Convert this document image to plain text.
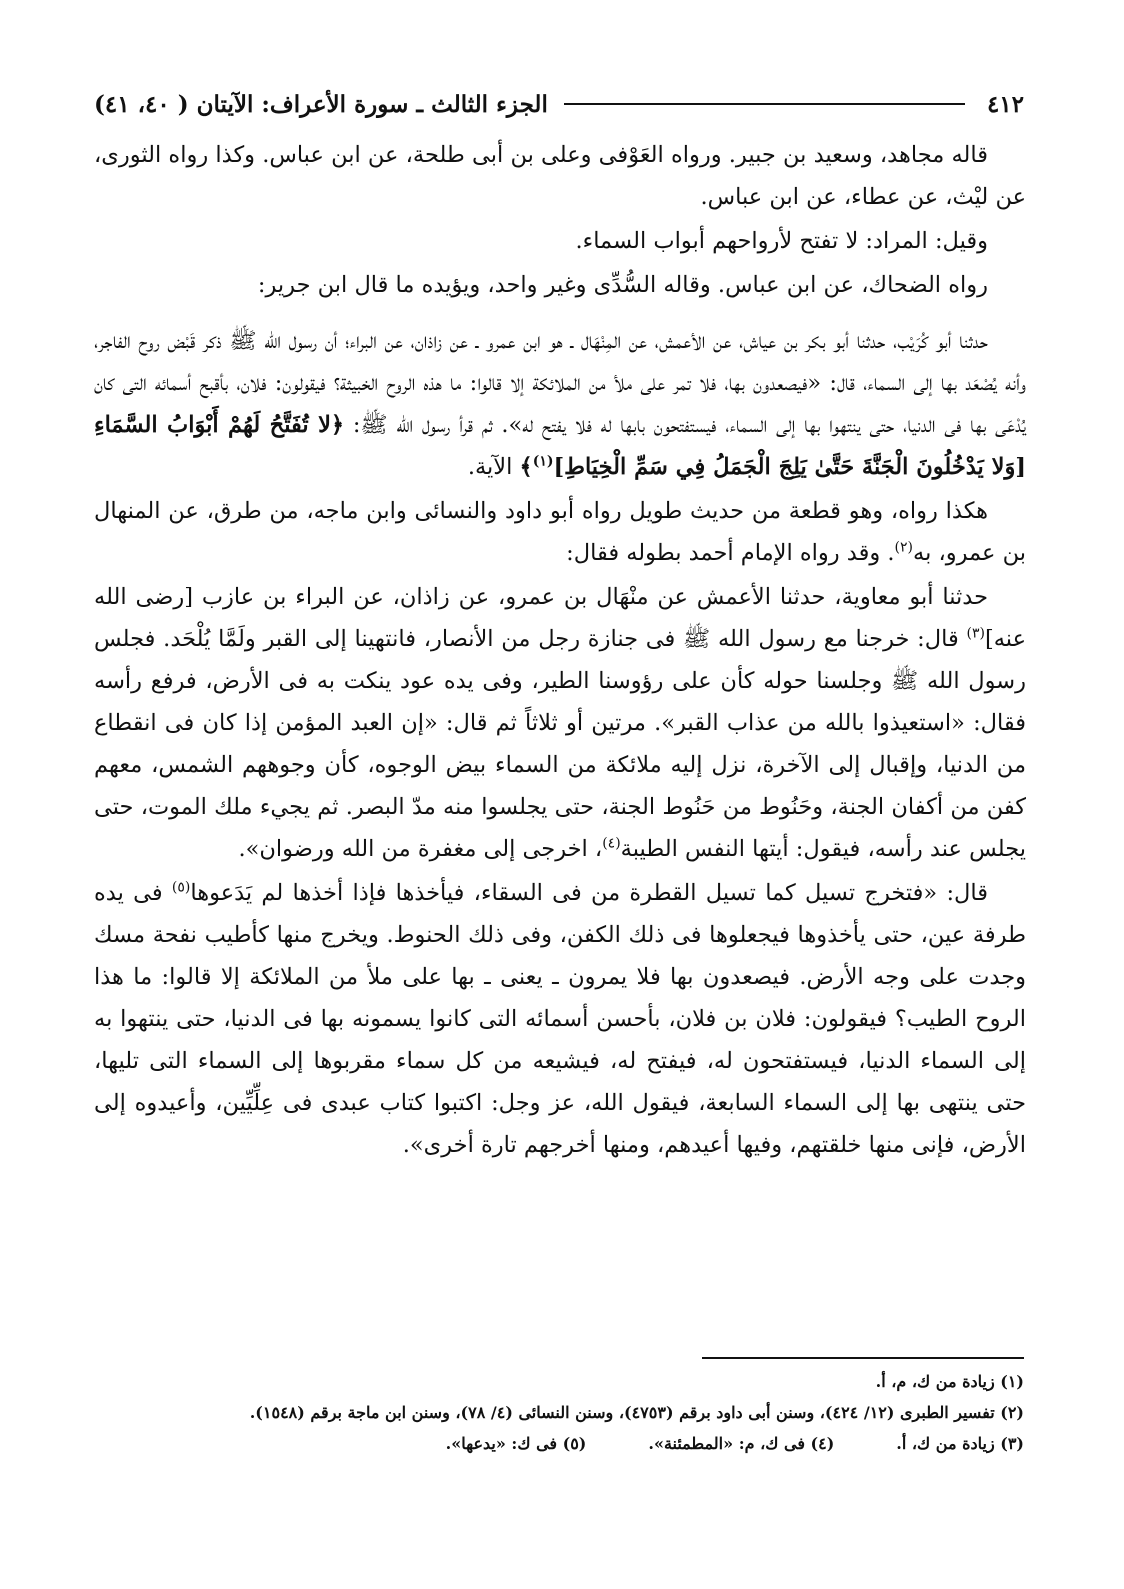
٤١٢
الجزء الثالث ـ سورة الأعراف: الآيتان ( ٤٠، ٤١)

قاله مجاهد، وسعيد بن جبير. ورواه العَوْفى وعلى بن أبى طلحة، عن ابن عباس. وكذا رواه الثورى، عن ليْث، عن عطاء، عن ابن عباس.

وقيل: المراد: لا تفتح لأرواحهم أبواب السماء.

رواه الضحاك، عن ابن عباس. وقاله السُّدِّى وغير واحد، ويؤيده ما قال ابن جرير:

حدثنا أبو كُرَيْب، حدثنا أبو بكر بن عياش، عن الأعمش، عن المِنْهَال ـ هو ابن عمرو ـ عن زاذان، عن البراء؛ أن رسول الله ﷺ ذكر قَبْض روح الفاجر، وأنه يُصْعَد بها إلى السماء، قال: «فيصعدون بها، فلا تمر على ملأ من الملائكة إلا قالوا: ما هذه الروح الخبيثة؟ فيقولون: فلان، بأقبح أسمائه التى كان يُدْعَى بها فى الدنيا، حتى ينتهوا بها إلى السماء، فيستفتحون بابها له فلا يفتح له». ثم قرأ رسول الله ﷺ: ﴿لا تُفَتَّحُ لَهُمْ أَبْوَابُ السَّمَاءِ [وَلا يَدْخُلُونَ الْجَنَّةَ حَتَّىٰ يَلِجَ الْجَمَلُ فِي سَمِّ الْخِيَاطِ]$^{(١)}$﴾ الآية.

هكذا رواه، وهو قطعة من حديث طويل رواه أبو داود والنسائى وابن ماجه، من طرق، عن المنهال بن عمرو، به$^{(٢)}$. وقد رواه الإمام أحمد بطوله فقال:

حدثنا أبو معاوية، حدثنا الأعمش عن منْهَال بن عمرو، عن زاذان، عن البراء بن عازب [رضى الله عنه]$^{(٣)}$ قال: خرجنا مع رسول الله ﷺ فى جنازة رجل من الأنصار، فانتهينا إلى القبر ولَمَّا يُلْحَد. فجلس رسول الله ﷺ وجلسنا حوله كأن على رؤوسنا الطير، وفى يده عود ينكت به فى الأرض، فرفع رأسه فقال: «استعيذوا بالله من عذاب القبر». مرتين أو ثلاثاً ثم قال: «إن العبد المؤمن إذا كان فى انقطاع من الدنيا، وإقبال إلى الآخرة، نزل إليه ملائكة من السماء بيض الوجوه، كأن وجوههم الشمس، معهم كفن من أكفان الجنة، وحَنُوط من حَنُوط الجنة، حتى يجلسوا منه مدّ البصر. ثم يجيء ملك الموت، حتى يجلس عند رأسه، فيقول: أيتها النفس الطيبة$^{(٤)}$، اخرجى إلى مغفرة من الله ورضوان».

قال: «فتخرج تسيل كما تسيل القطرة من فى السقاء، فيأخذها فإذا أخذها لم يَدَعوها$^{(٥)}$ فى يده طرفة عين، حتى يأخذوها فيجعلوها فى ذلك الكفن، وفى ذلك الحنوط. ويخرج منها كأطيب نفحة مسك وجدت على وجه الأرض. فيصعدون بها فلا يمرون ـ يعنى ـ بها على ملأ من الملائكة إلا قالوا: ما هذا الروح الطيب؟ فيقولون: فلان بن فلان، بأحسن أسمائه التى كانوا يسمونه بها فى الدنيا، حتى ينتهوا به إلى السماء الدنيا، فيستفتحون له، فيفتح له، فيشيعه من كل سماء مقربوها إلى السماء التى تليها، حتى ينتهى بها إلى السماء السابعة، فيقول الله، عز وجل: اكتبوا كتاب عبدى فى عِلِّيِّين، وأعيدوه إلى الأرض، فإنى منها خلقتهم، وفيها أعيدهم، ومنها أخرجهم تارة أخرى».

(١) زيادة من ك، م، أ.

(٢) تفسير الطبرى (١٢/ ٤٢٤)، وسنن أبى داود برقم (٤٧٥٣)، وسنن النسائى (٤/ ٧٨)، وسنن ابن ماجة برقم (١٥٤٨).

(٣) زيادة من ك، أ.
(٤) فى ك، م: «المطمئنة».
(٥) فى ك: «يدعها».
